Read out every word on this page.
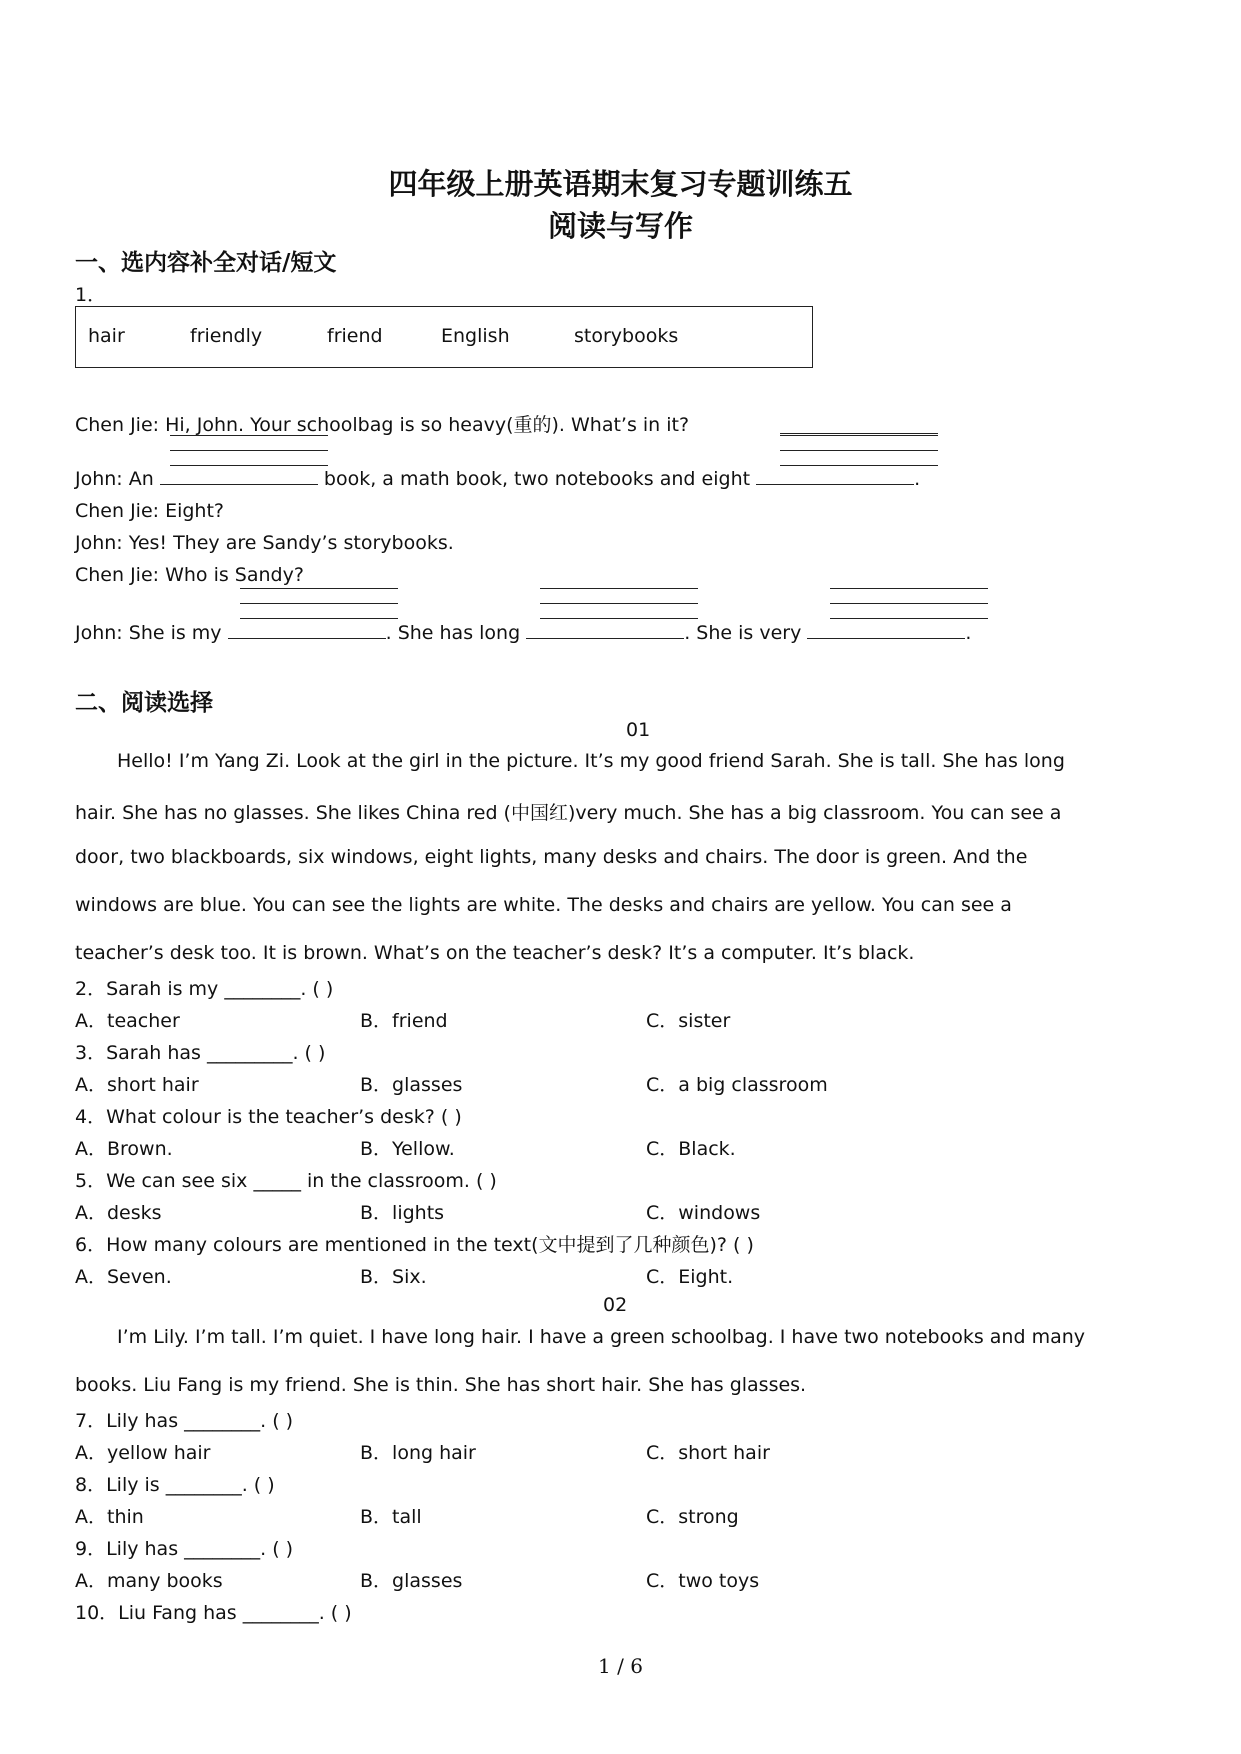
四年级上册英语期末复习专题训练五
阅读与写作
一、选内容补全对话/短文
1．
hair	friendly	friend	English	storybooks
Chen Jie: Hi, John. Your schoolbag is so heavy(重的). What’s in it?
John: An	book, a math book, two notebooks and eight	.
Chen Jie: Eight?
John: Yes! They are Sandy’s storybooks.
Chen Jie: Who is Sandy?
John: She is my	. She has long	. She is very	.
二、阅读选择
01
Hello! I’m Yang Zi. Look at the girl in the picture. It’s my good friend Sarah. She is tall. She has long
hair. She has no glasses. She likes China red (中国红)very much. She has a big classroom. You can see a
door, two blackboards, six windows, eight lights, many desks and chairs. The door is green. And the
windows are blue. You can see the lights are white. The desks and chairs are yellow. You can see a
teacher’s desk too. It is brown. What’s on the teacher’s desk? It’s a computer. It’s black.
2．Sarah is my ________. ( )
A．teacher	B．friend	C．sister
3．Sarah has _________. ( )
A．short hair	B．glasses	C．a big classroom
4．What colour is the teacher’s desk? ( )
A．Brown.	B．Yellow.	C．Black.
5．We can see six _____ in the classroom. ( )
A．desks	B．lights	C．windows
6．How many colours are mentioned in the text(文中提到了几种颜色)? ( )
A．Seven.	B．Six.	C．Eight.
02
I’m Lily. I’m tall. I’m quiet. I have long hair. I have a green schoolbag. I have two notebooks and many
books. Liu Fang is my friend. She is thin. She has short hair. She has glasses.
7．Lily has ________. ( )
A．yellow hair	B．long hair	C．short hair
8．Lily is ________. ( )
A．thin	B．tall	C．strong
9．Lily has ________. ( )
A．many books	B．glasses	C．two toys
10．Liu Fang has ________. ( )
1 / 6
